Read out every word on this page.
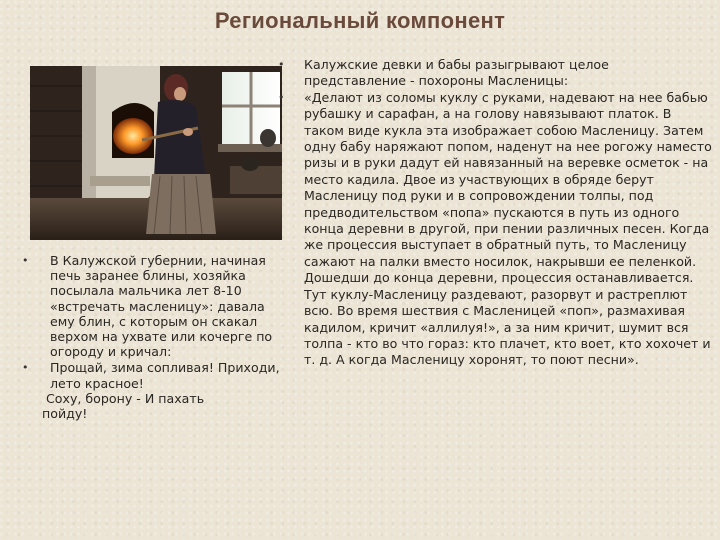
Региональный компонент
• В Калужской губернии, начиная печь заранее блины, хозяйка посылала мальчика лет 8-10 «встречать масленицу»: давала ему блин, с которым он скакал верхом на ухвате или кочерге по огороду и кричал:
• Прощай, зима сопливая! Приходи, лето красное!
Соху, борону - И пахать
пойду!
• Калужские девки и бабы разыгрывают целое представление - похороны Масленицы:
• «Делают из соломы куклу с руками, надевают на нее бабью рубашку и сарафан, а на голову навязывают платок. В таком виде кукла эта изображает собою Масленицу. Затем одну бабу наряжают попом, наденут на нее рогожу наместо ризы и в руки дадут ей навязанный на веревке осметок - на место кадила. Двое из участвующих в обряде берут Масленицу под руки и в сопровождении толпы, под предводительством «попа» пускаются в путь из одного конца деревни в другой, при пении различных песен. Когда же процессия выступает в обратный путь, то Масленицу сажают на палки вместо носилок, накрывши ее пеленкой. Дошедши до конца деревни, процессия останавливается. Тут куклу-Масленицу раздевают, разорвут и растреплют всю. Во время шествия с Масленицей «поп», размахивая кадилом, кричит «аллилуя!», а за ним кричит, шумит вся толпа - кто во что гораз: кто плачет, кто воет, кто хохочет и т. д. А когда Масленицу хоронят, то поют песни».
